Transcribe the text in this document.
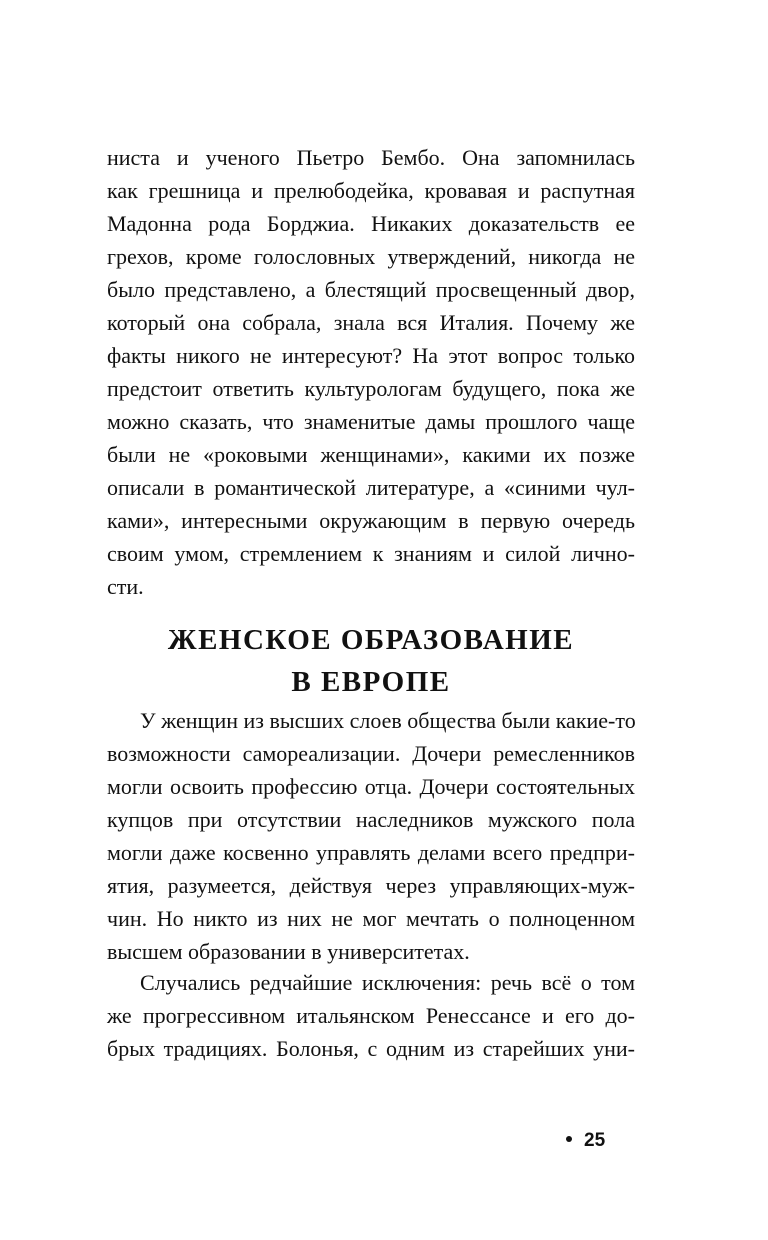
ниста и ученого Пьетро Бембо. Она запомнилась
как грешница и прелюбодейка, кровавая и распутная
Мадонна рода Борджиа. Никаких доказательств ее
грехов, кроме голословных утверждений, никогда не
было представлено, а блестящий просвещенный двор,
который она собрала, знала вся Италия. Почему же
факты никого не интересуют? На этот вопрос только
предстоит ответить культурологам будущего, пока же
можно сказать, что знаменитые дамы прошлого чаще
были не «роковыми женщинами», какими их позже
описали в романтической литературе, а «синими чул-
ками», интересными окружающим в первую очередь
своим умом, стремлением к знаниям и силой лично-
сти.
ЖЕНСКОЕ ОБРАЗОВАНИЕ
В ЕВРОПЕ
У женщин из высших слоев общества были какие-то
возможности самореализации. Дочери ремесленников
могли освоить профессию отца. Дочери состоятельных
купцов при отсутствии наследников мужского пола
могли даже косвенно управлять делами всего предпри-
ятия, разумеется, действуя через управляющих-муж-
чин. Но никто из них не мог мечтать о полноценном
высшем образовании в университетах.
Случались редчайшие исключения: речь всё о том
же прогрессивном итальянском Ренессансе и его до-
брых традициях. Болонья, с одним из старейших уни-
25
